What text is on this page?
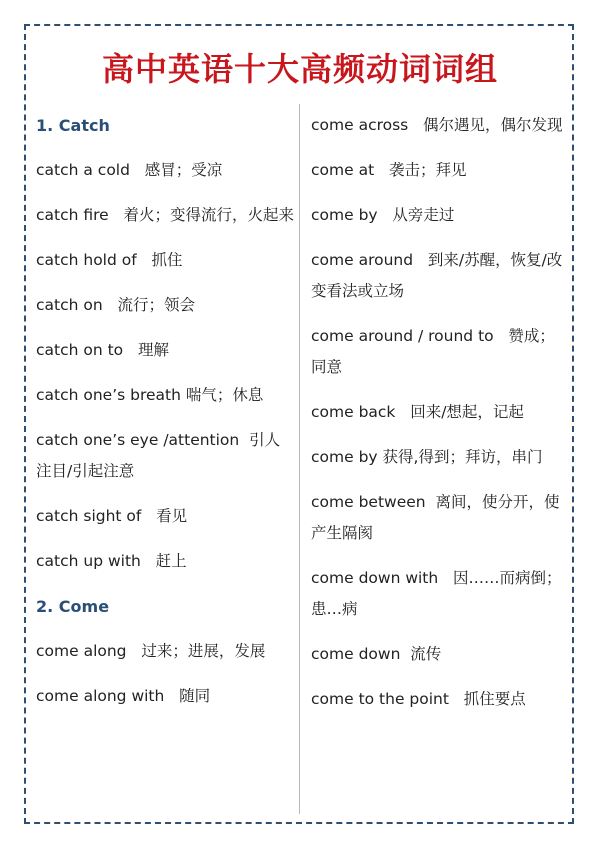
高中英语十大高频动词词组
1. Catch
catch a cold 感冒；受凉
catch fire 着火；变得流行，火起来
catch hold of 抓住
catch on 流行；领会
catch on to 理解
catch one’s breath 喘气；休息
catch one’s eye /attention 引人注目/引起注意
catch sight of 看见
catch up with 赶上
2. Come
come along 过来；进展，发展
come along with 随同
come across 偶尔遇见，偶尔发现
come at 袭击；拜见
come by 从旁走过
come around 到来/苏醒，恢复/改变看法或立场
come around / round to 赞成；同意
come back 回来/想起，记起
come by 获得,得到；拜访，串门
come between 离间，使分开，使产生隔阂
come down with 因……而病倒；患…病
come down 流传
come to the point 抓住要点
